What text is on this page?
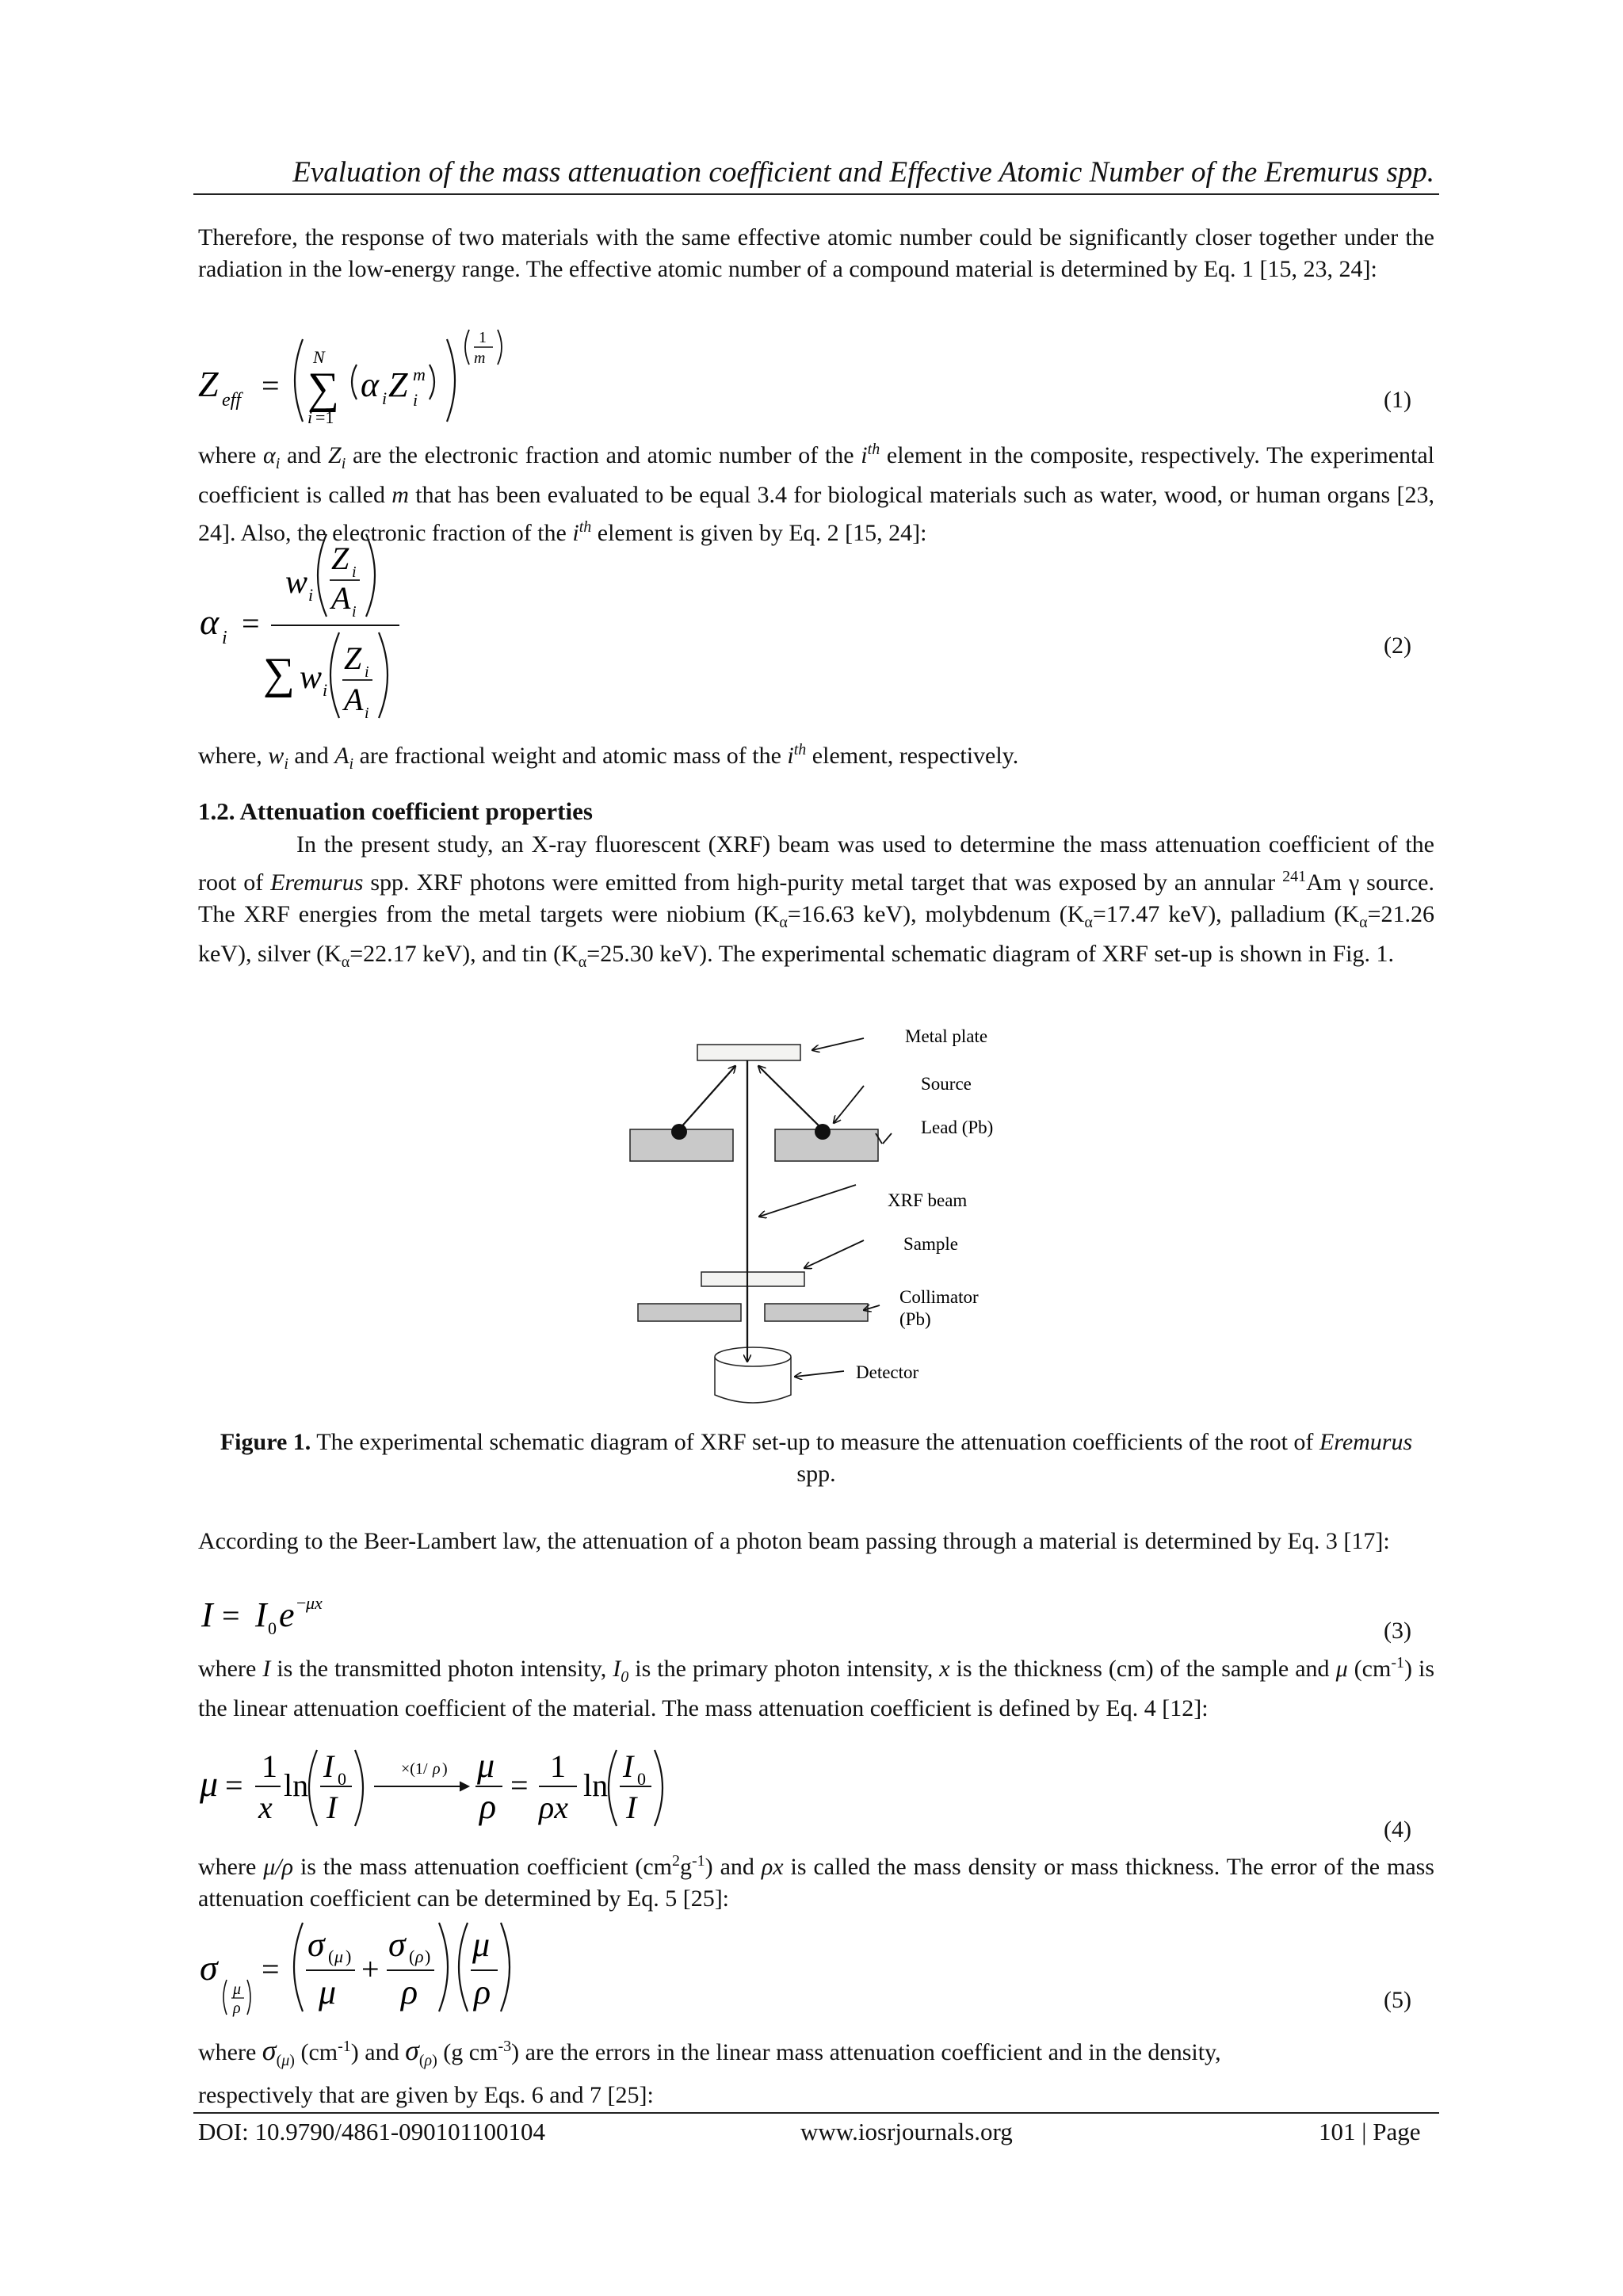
Evaluation of the mass attenuation coefficient and Effective Atomic Number of the Eremurus spp.

Therefore, the response of two materials with the same effective atomic number could be significantly closer together under the radiation in the low-energy range. The effective atomic number of a compound material is determined by Eq. 1 [15, 23, 24]:

Z eff =
N
∑
i =1
α i Z m
i
1
m
(1)

where $\alpha_i$ and $Z_i$ are the electronic fraction and atomic number of the $i^{th}$ element in the composite, respectively. The experimental coefficient is called m that has been evaluated to be equal 3.4 for biological materials such as water, wood, or human organs [23, 24]. Also, the electronic fraction of the $i^{th}$ element is given by Eq. 2 [15, 24]:

α i =
w i
Z i
A i
∑ w i
Z i
A i
(2)

where, $w_i$ and $A_i$ are fractional weight and atomic mass of the $i^{th}$ element, respectively.

1.2. Attenuation coefficient properties

In the present study, an X-ray fluorescent (XRF) beam was used to determine the mass attenuation coefficient of the root of Eremurus spp. XRF photons were emitted from high-purity metal target that was exposed by an annular $^{241}$Am γ source. The XRF energies from the metal targets were niobium ($K_\alpha=16.63$ keV), molybdenum ($K_\alpha=17.47$ keV), palladium ($K_\alpha=21.26$ keV), silver ($K_\alpha=22.17$ keV), and tin ($K_\alpha=25.30$ keV). The experimental schematic diagram of XRF set-up is shown in Fig. 1.

Metal plate
Source
Lead (Pb)
XRF beam
Sample
Collimator
(Pb)
Detector
Figure 1. The experimental schematic diagram of XRF set-up to measure the attenuation coefficients of the root of Eremurus spp.

According to the Beer-Lambert law, the attenuation of a photon beam passing through a material is determined by Eq. 3 [17]:

I = I 0 e − μx
(3)

where I is the transmitted photon intensity, $I_0$ is the primary photon intensity, x is the thickness (cm) of the sample and μ $(cm^{-1})$ is the linear attenuation coefficient of the material. The mass attenuation coefficient is defined by Eq. 4 [12]:

μ =
1
x
ln
I 0
I
×(1/ ρ ) μ
ρ
=
1
ρx
ln
I 0
I
(4)

where μ/ρ is the mass attenuation coefficient $(cm^2g^{-1})$ and ρx is called the mass density or mass thickness. The error of the mass attenuation coefficient can be determined by Eq. 5 [25]:

σ
μ
ρ
=
σ ( μ )
μ
+
σ ( ρ )
ρ
μ
ρ	(5)

where $\sigma_{(\mu)}$ $(cm^{-1})$ and $\sigma_{(\rho)}$ (g $cm^{-3}$) are the errors in the linear mass attenuation coefficient and in the density,

respectively that are given by Eqs. 6 and 7 [25]:

DOI: 10.9790/4861-090101100104	www.iosrjournals.org	101 | Page
